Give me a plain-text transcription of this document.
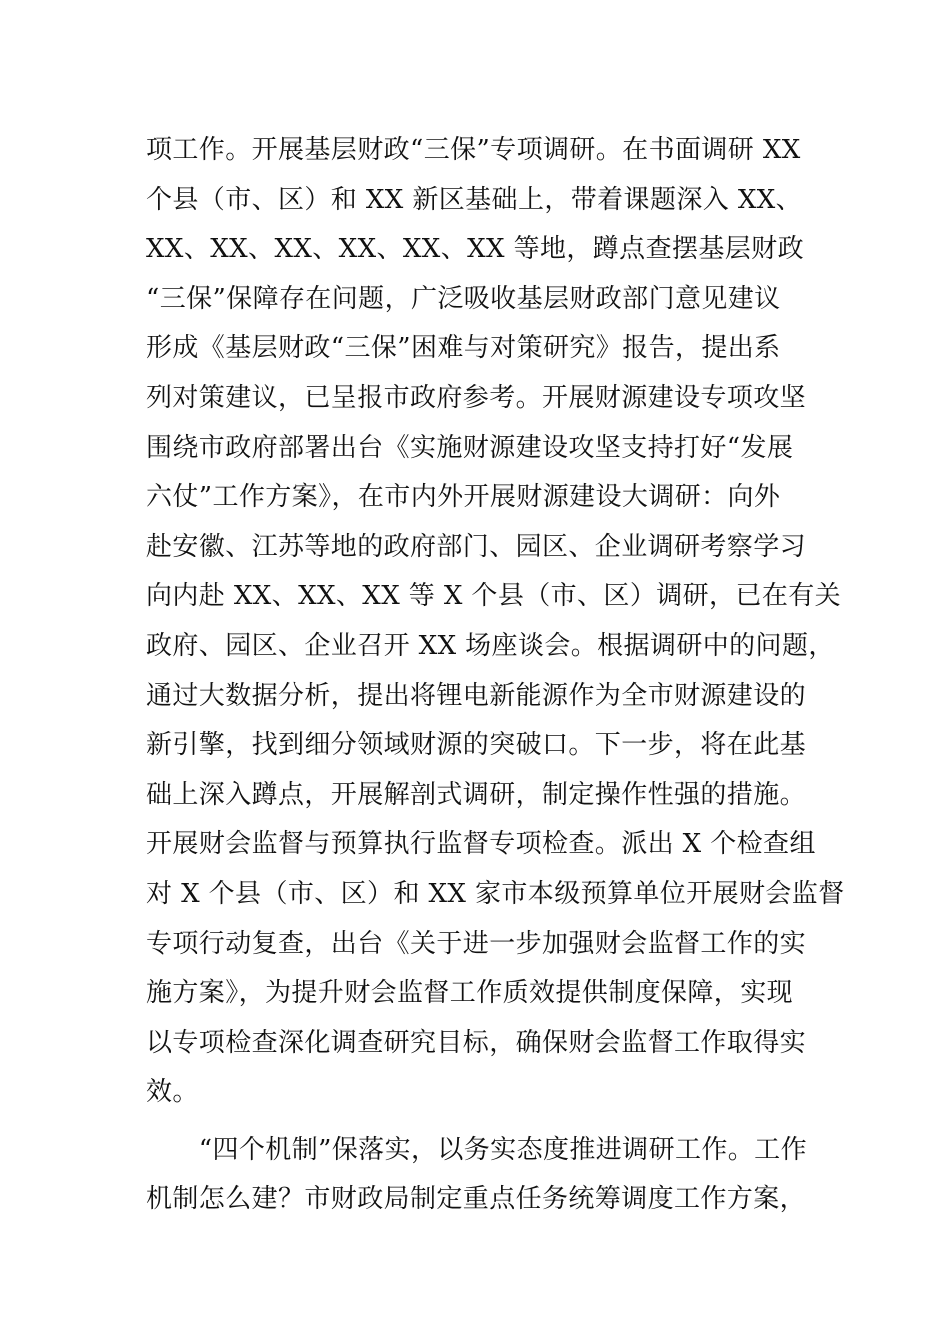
项工作。开展基层财政“三保”专项调研。在书面调研 XX
个县（市、区）和 XX 新区基础上，带着课题深入 XX、
XX、XX、XX、XX、XX、XX 等地，蹲点查摆基层财政
“三保”保障存在问题，广泛吸收基层财政部门意见建议
形成《基层财政“三保”困难与对策研究》报告，提出系
列对策建议，已呈报市政府参考。开展财源建设专项攻坚
围绕市政府部署出台《实施财源建设攻坚支持打好“发展
六仗”工作方案》，在市内外开展财源建设大调研：向外
赴安徽、江苏等地的政府部门、园区、企业调研考察学习
向内赴 XX、XX、XX 等 X 个县（市、区）调研，已在有关
政府、园区、企业召开 XX 场座谈会。根据调研中的问题，
通过大数据分析，提出将锂电新能源作为全市财源建设的
新引擎，找到细分领域财源的突破口。下一步，将在此基
础上深入蹲点，开展解剖式调研，制定操作性强的措施。
开展财会监督与预算执行监督专项检查。派出 X 个检查组
对 X 个县（市、区）和 XX 家市本级预算单位开展财会监督
专项行动复查，出台《关于进一步加强财会监督工作的实
施方案》，为提升财会监督工作质效提供制度保障，实现
以专项检查深化调查研究目标，确保财会监督工作取得实
效。
　　“四个机制”保落实，以务实态度推进调研工作。工作
机制怎么建？市财政局制定重点任务统筹调度工作方案，
